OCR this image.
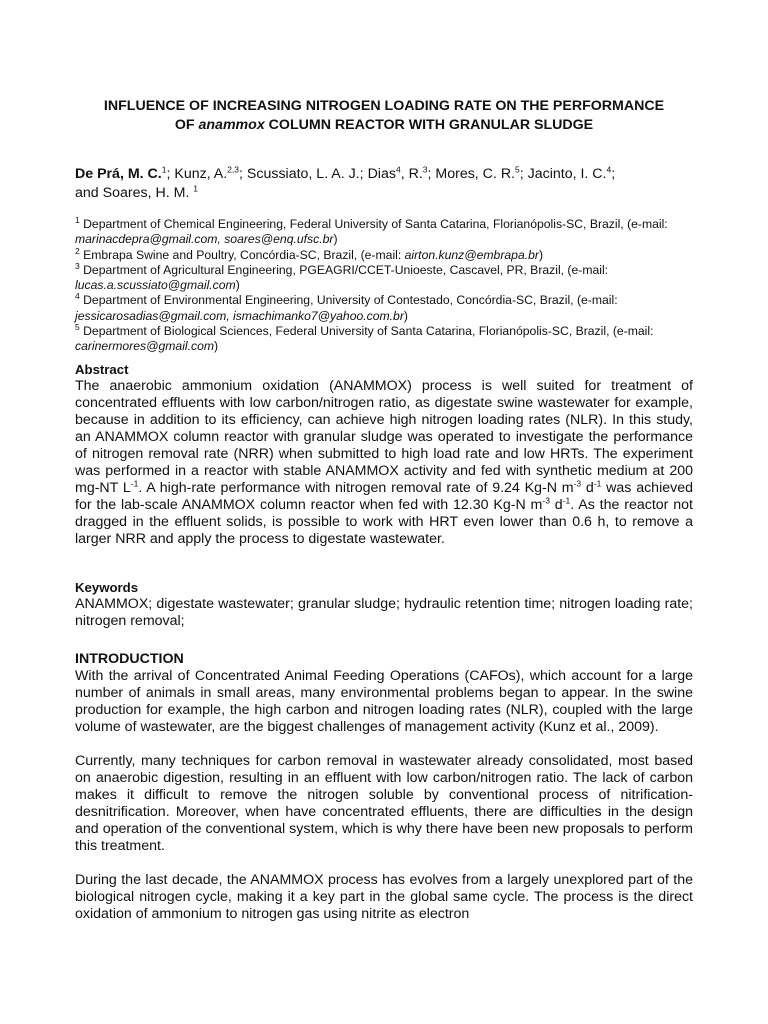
INFLUENCE OF INCREASING NITROGEN LOADING RATE ON THE PERFORMANCE
OF anammox COLUMN REACTOR WITH GRANULAR SLUDGE
De Prá, M. C.$^1$; Kunz, A.$^{2,3}$; Scussiato, L. A. J.; Dias$^4$, R.$^3$; Mores, C. R.$^5$; Jacinto, I. C.$^4$;
and Soares, H. M. $^1$

$^1$ Department of Chemical Engineering, Federal University of Santa Catarina, Florianópolis-SC, Brazil, (e-mail: marinacdepra@gmail.com, soares@enq.ufsc.br)

$^2$ Embrapa Swine and Poultry, Concórdia-SC, Brazil, (e-mail: airton.kunz@embrapa.br)

$^3$ Department of Agricultural Engineering, PGEAGRI/CCET-Unioeste, Cascavel, PR, Brazil, (e-mail: lucas.a.scussiato@gmail.com)

$^4$ Department of Environmental Engineering, University of Contestado, Concórdia-SC, Brazil, (e-mail: jessicarosadias@gmail.com, ismachimanko7@yahoo.com.br)

$^5$ Department of Biological Sciences, Federal University of Santa Catarina, Florianópolis-SC, Brazil, (e-mail: carinermores@gmail.com)

Abstract

The anaerobic ammonium oxidation (ANAMMOX) process is well suited for treatment of concentrated effluents with low carbon/nitrogen ratio, as digestate swine wastewater for example, because in addition to its efficiency, can achieve high nitrogen loading rates (NLR). In this study, an ANAMMOX column reactor with granular sludge was operated to investigate the performance of nitrogen removal rate (NRR) when submitted to high load rate and low HRTs. The experiment was performed in a reactor with stable ANAMMOX activity and fed with synthetic medium at 200 mg-NT $L^{-1}$. A high-rate performance with nitrogen removal rate of 9.24 Kg-N $m^{-3}$ $d^{-1}$ was achieved for the lab-scale ANAMMOX column reactor when fed with 12.30 Kg-N $m^{-3}$ $d^{-1}$. As the reactor not dragged in the effluent solids, is possible to work with HRT even lower than 0.6 h, to remove a larger NRR and apply the process to digestate wastewater.

Keywords

ANAMMOX; digestate wastewater; granular sludge; hydraulic retention time; nitrogen loading rate; nitrogen removal;

INTRODUCTION

With the arrival of Concentrated Animal Feeding Operations (CAFOs), which account for a large number of animals in small areas, many environmental problems began to appear. In the swine production for example, the high carbon and nitrogen loading rates (NLR), coupled with the large volume of wastewater, are the biggest challenges of management activity (Kunz et al., 2009).

Currently, many techniques for carbon removal in wastewater already consolidated, most based on anaerobic digestion, resulting in an effluent with low carbon/nitrogen ratio. The lack of carbon makes it difficult to remove the nitrogen soluble by conventional process of nitrification-desnitrification. Moreover, when have concentrated effluents, there are difficulties in the design and operation of the conventional system, which is why there have been new proposals to perform this treatment.

During the last decade, the ANAMMOX process has evolves from a largely unexplored part of the biological nitrogen cycle, making it a key part in the global same cycle. The process is the direct oxidation of ammonium to nitrogen gas using nitrite as electron
